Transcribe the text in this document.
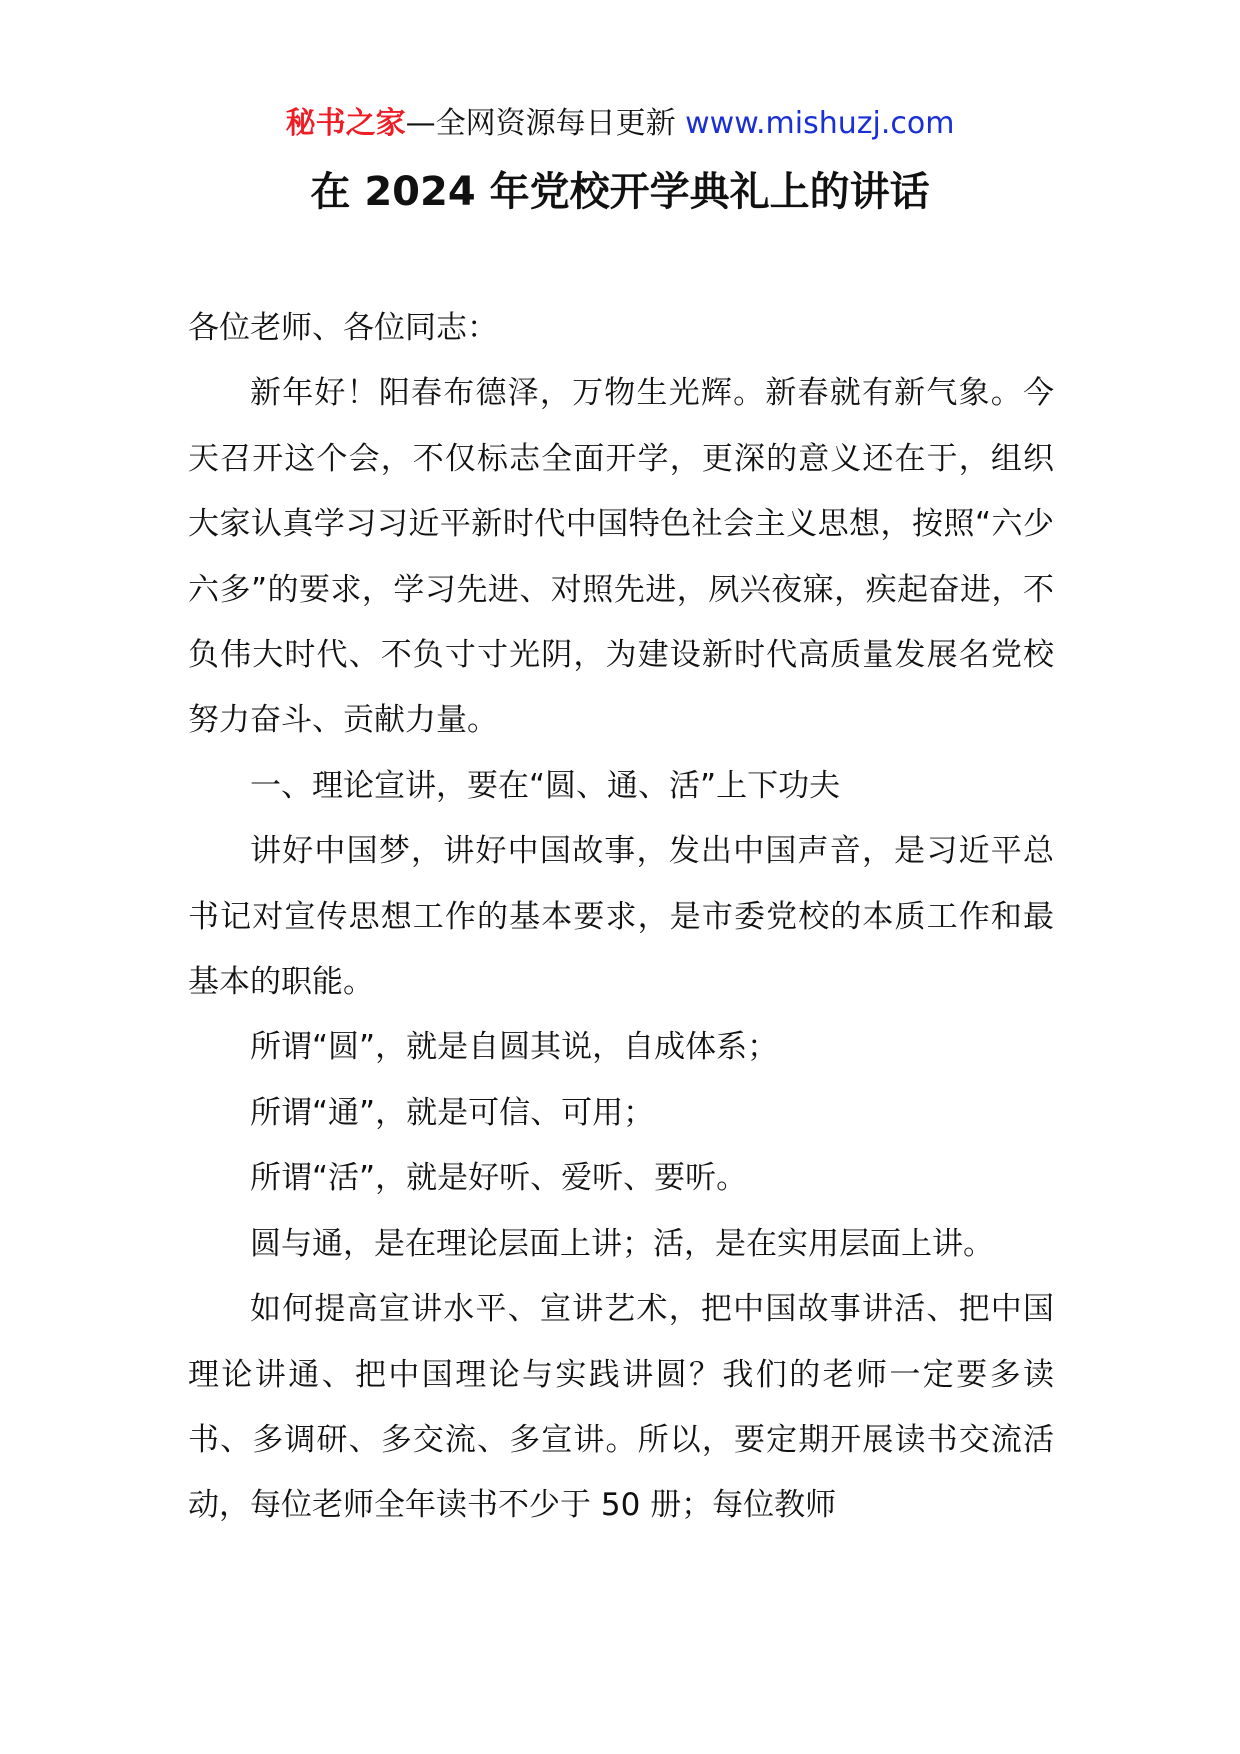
秘书之家—全网资源每日更新 www.mishuzj.com
在 2024 年党校开学典礼上的讲话

各位老师、各位同志：

新年好！阳春布德泽，万物生光辉。新春就有新气象。今天召开这个会，不仅标志全面开学，更深的意义还在于，组织大家认真学习习近平新时代中国特色社会主义思想，按照“六少六多”的要求，学习先进、对照先进，夙兴夜寐，疾起奋进，不负伟大时代、不负寸寸光阴，为建设新时代高质量发展名党校努力奋斗、贡献力量。

一、理论宣讲，要在“圆、通、活”上下功夫

讲好中国梦，讲好中国故事，发出中国声音，是习近平总书记对宣传思想工作的基本要求，是市委党校的本质工作和最基本的职能。

所谓“圆”，就是自圆其说，自成体系；

所谓“通”，就是可信、可用；

所谓“活”，就是好听、爱听、要听。

圆与通，是在理论层面上讲；活，是在实用层面上讲。

如何提高宣讲水平、宣讲艺术，把中国故事讲活、把中国理论讲通、把中国理论与实践讲圆？我们的老师一定要多读书、多调研、多交流、多宣讲。所以，要定期开展读书交流活动，每位老师全年读书不少于 50 册；每位教师
